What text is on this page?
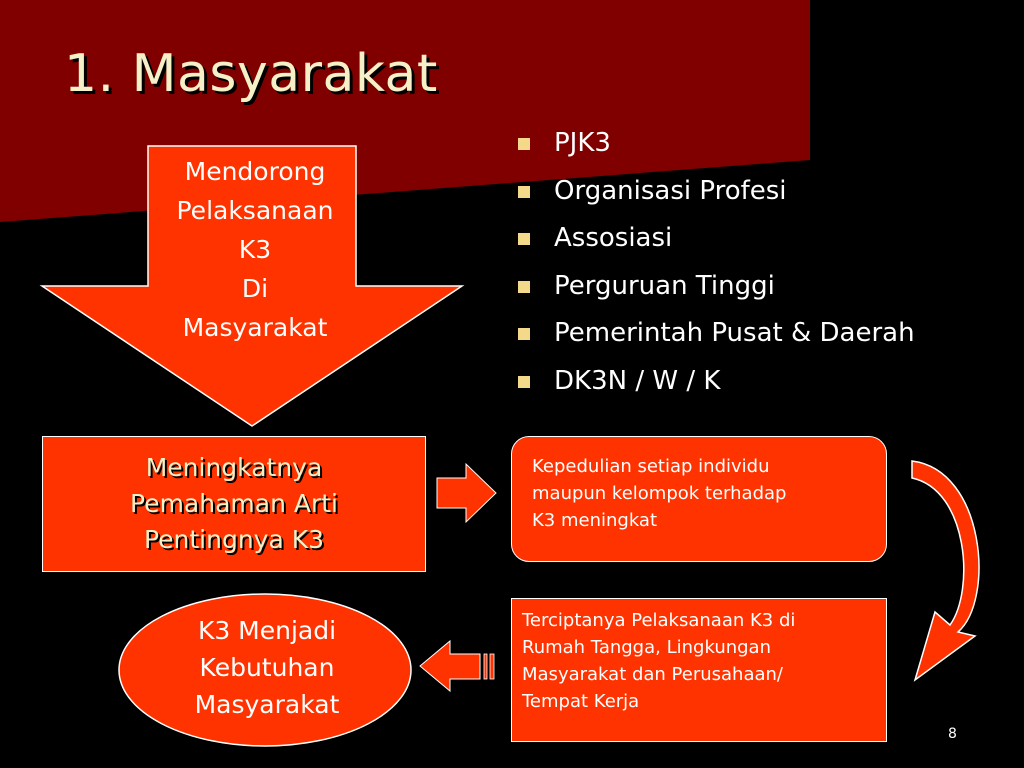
1. Masyarakat
Mendorong
Pelaksanaan
K3
Di
Masyarakat
PJK3
Organisasi Profesi
Assosiasi
Perguruan Tinggi
Pemerintah Pusat & Daerah
DK3N / W / K
Meningkatnya
Pemahaman Arti
Pentingnya K3
Kepedulian setiap individu
maupun kelompok terhadap
K3 meningkat
Terciptanya Pelaksanaan K3 di
Rumah Tangga, Lingkungan
Masyarakat dan Perusahaan/
Tempat Kerja
K3 Menjadi
Kebutuhan
Masyarakat
8
